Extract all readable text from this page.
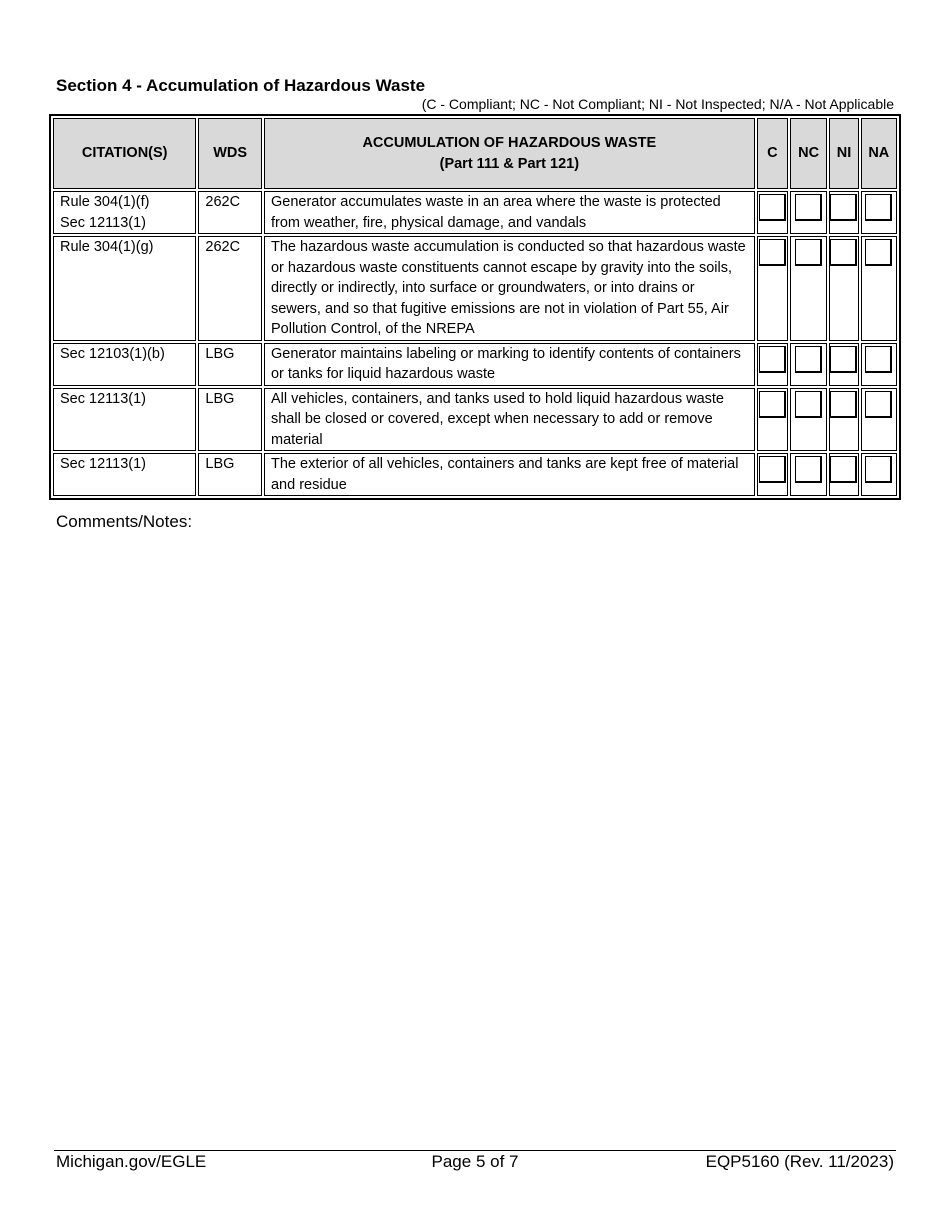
Section 4 - Accumulation of Hazardous Waste
(C - Compliant; NC - Not Compliant; NI - Not Inspected; N/A - Not Applicable
CITATION(S)	WDS	ACCUMULATION OF HAZARDOUS WASTE
(Part 111 & Part 121)	C	NC	NI	NA

Rule 304(1)(f)
Sec 12113(1)	262C	Generator accumulates waste in an area where the waste is protected from weather, fire, physical damage, and vandals				

Rule 304(1)(g)	262C	The hazardous waste accumulation is conducted so that hazardous waste or hazardous waste constituents cannot escape by gravity into the soils, directly or indirectly, into surface or groundwaters, or into drains or sewers, and so that fugitive emissions are not in violation of Part 55, Air Pollution Control, of the NREPA				

Sec 12103(1)(b)	LBG	Generator maintains labeling or marking to identify contents of containers or tanks for liquid hazardous waste				

Sec 12113(1)	LBG	All vehicles, containers, and tanks used to hold liquid hazardous waste shall be closed or covered, except when necessary to add or remove material				

Sec 12113(1)	LBG	The exterior of all vehicles, containers and tanks are kept free of material and residue				
Comments/Notes:
Michigan.gov/EGLE	Page 5 of 7	EQP5160 (Rev. 11/2023)
